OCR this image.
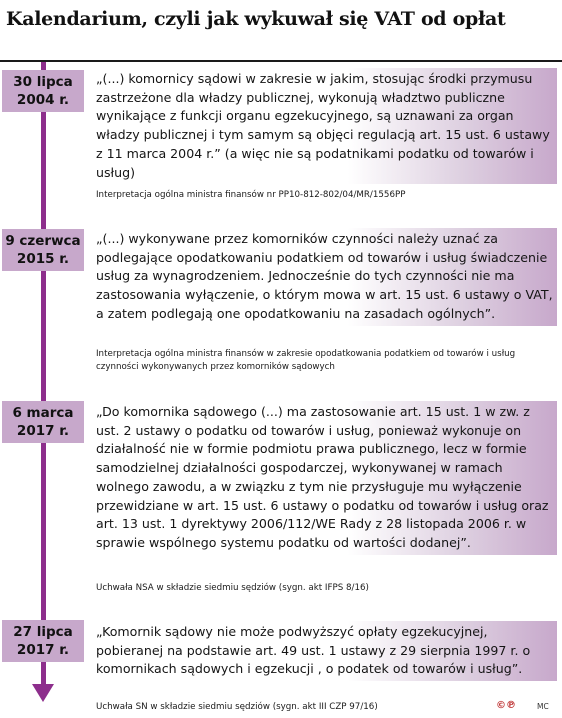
Kalendarium, czyli jak wykuwał się VAT od opłat
30 lipca
2004 r.
„(...) komornicy sądowi w zakresie w jakim, stosując środki przymusu zastrzeżone dla władzy publicznej, wykonują władztwo publiczne wynikające z funkcji organu egzekucyjnego, są uznawani za organ władzy publicznej i tym samym są objęci regulacją art. 15 ust. 6 ustawy z 11 marca 2004 r.” (a więc nie są podatnikami podatku od towarów i usług)
Interpretacja ogólna ministra finansów nr PP10-812-802/04/MR/1556PP
9 czerwca
2015 r.
„(...) wykonywane przez komorników czynności należy uznać za podlegające opodatkowaniu podatkiem od towarów i usług świadczenie usług za wynagrodzeniem. Jednocześnie do tych czynności nie ma zastosowania wyłączenie, o którym mowa w art. 15 ust. 6 ustawy o VAT, a zatem podlegają one opodatkowaniu na zasadach ogólnych”.
Interpretacja ogólna ministra finansów w zakresie opodatkowania podatkiem od towarów i usług czynności wykonywanych przez komorników sądowych
6 marca
2017 r.
„Do komornika sądowego (...) ma zastosowanie art. 15 ust. 1 w zw. z ust. 2 ustawy o podatku od towarów i usług, ponieważ wykonuje on działalność nie w formie podmiotu prawa publicznego, lecz w formie samodzielnej działalności gospodarczej, wykonywanej w ramach wolnego zawodu, a w związku z tym nie przysługuje mu wyłączenie przewidziane w art. 15 ust. 6 ustawy o podatku od towarów i usług oraz art. 13 ust. 1 dyrektywy 2006/112/WE Rady z 28 listopada 2006 r. w sprawie wspólnego systemu podatku od wartości dodanej”.
Uchwała NSA w składzie siedmiu sędziów (sygn. akt IFPS 8/16)
27 lipca
2017 r.
„Komornik sądowy nie może podwyższyć opłaty egzekucyjnej, pobieranej na podstawie art. 49 ust. 1 ustawy z 29 sierpnia 1997 r. o komornikach sądowych i egzekucji , o podatek od towarów i usług”.
Uchwała SN w składzie siedmiu sędziów (sygn. akt III CZP 97/16)	©℗	MC
